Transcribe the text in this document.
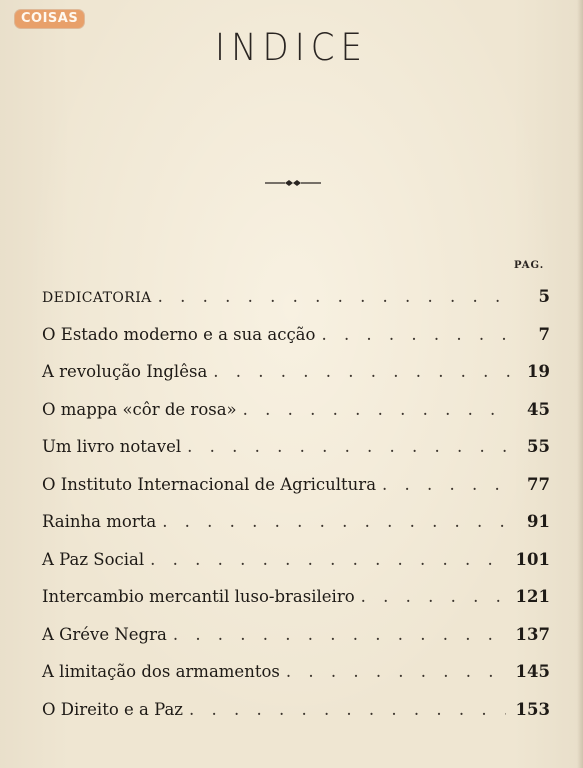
COISAS
INDICE
PAG.
DEDICATORIA . . .	5
O Estado moderno e a sua acção . . .	7
A revolução Inglêsa . . .	19
O mappa «côr de rosa» . . .	45
Um livro notavel . . .	55
O Instituto Internacional de Agricultura . . .	77
Rainha morta . . .	91
A Paz Social . . .	101
Intercambio mercantil luso-brasileiro . . .	121
A Gréve Negra . . .	137
A limitação dos armamentos . . .	145
O Direito e a Paz . . .	153
